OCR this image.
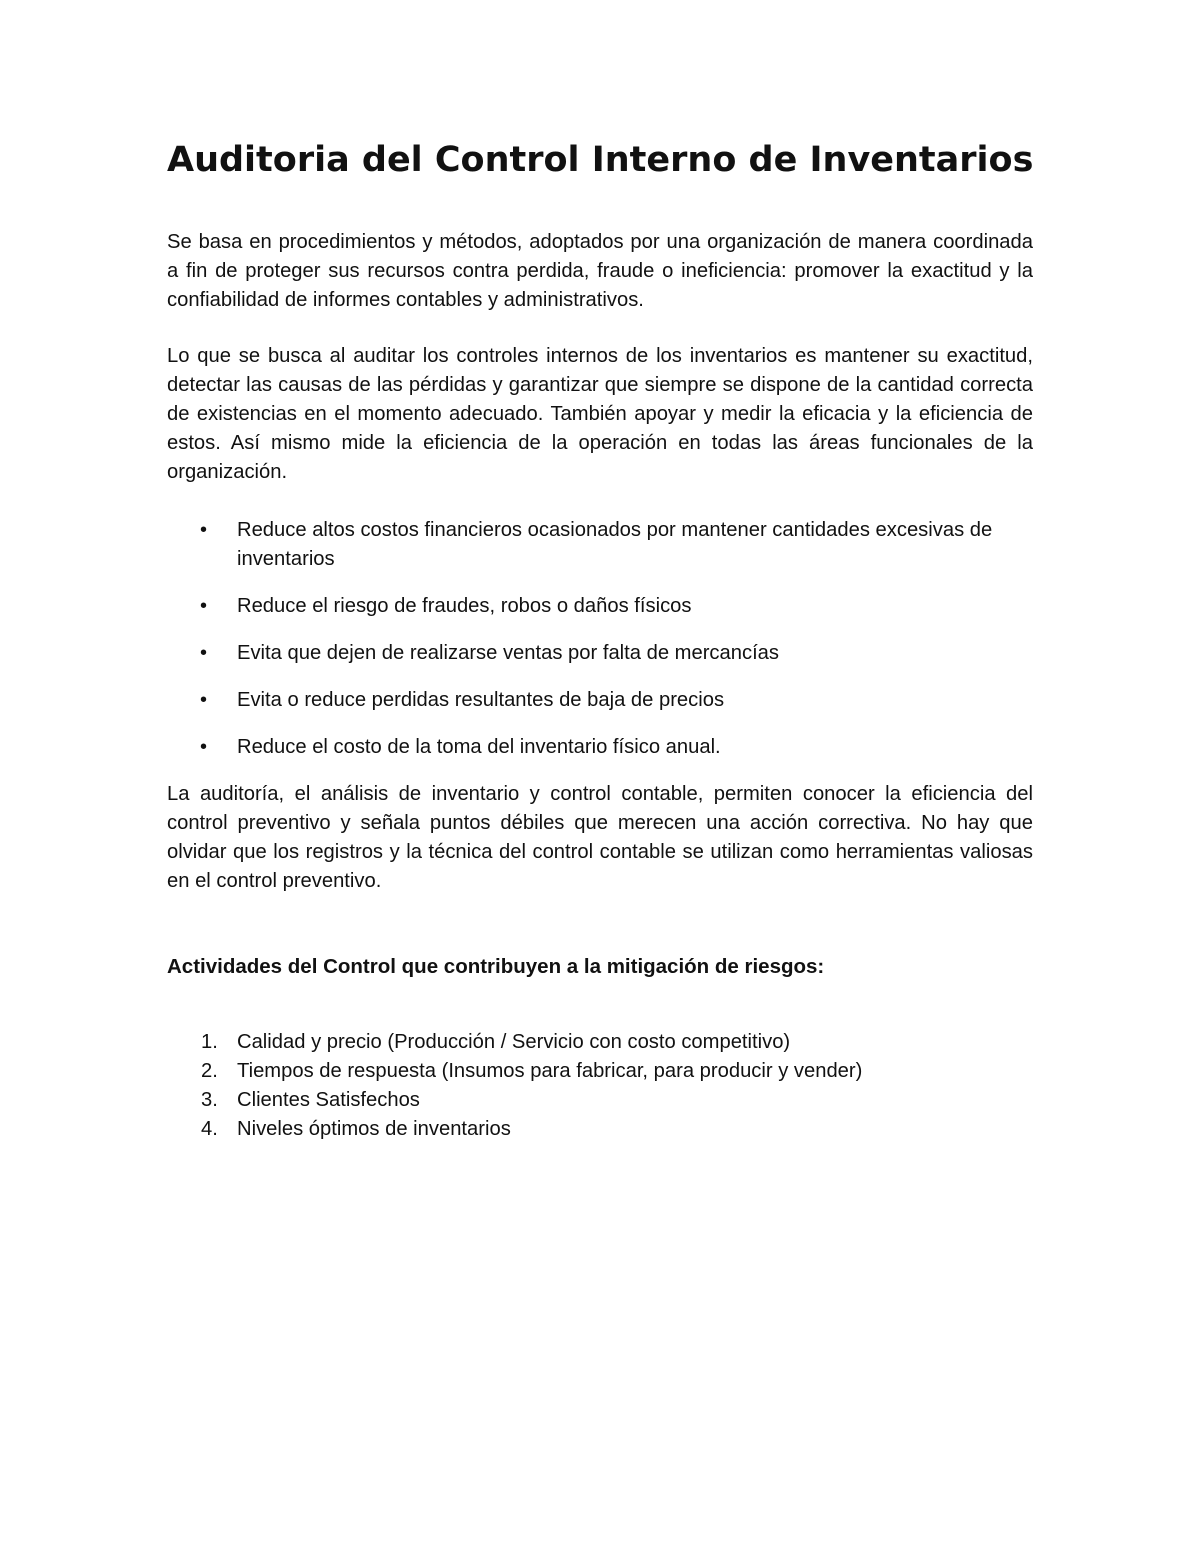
Auditoria del Control Interno de Inventarios

Se basa en procedimientos y métodos, adoptados por una organización de manera coordinada a fin de proteger sus recursos contra perdida, fraude o ineficiencia: promover la exactitud y la confiabilidad de informes contables y administrativos.

Lo que se busca al auditar los controles internos de los inventarios es mantener su exactitud, detectar las causas de las pérdidas y garantizar que siempre se dispone de la cantidad correcta de existencias en el momento adecuado. También apoyar y medir la eficacia y la eficiencia de estos. Así mismo mide la eficiencia de la operación en todas las áreas funcionales de la organización.

• Reduce altos costos financieros ocasionados por mantener cantidades excesivas de inventarios
• Reduce el riesgo de fraudes, robos o daños físicos
• Evita que dejen de realizarse ventas por falta de mercancías
• Evita o reduce perdidas resultantes de baja de precios
• Reduce el costo de la toma del inventario físico anual.

La auditoría, el análisis de inventario y control contable, permiten conocer la eficiencia del control preventivo y señala puntos débiles que merecen una acción correctiva. No hay que olvidar que los registros y la técnica del control contable se utilizan como herramientas valiosas en el control preventivo.

Actividades del Control que contribuyen a la mitigación de riesgos:
1. Calidad y precio (Producción / Servicio con costo competitivo)
2. Tiempos de respuesta (Insumos para fabricar, para producir y vender)
3. Clientes Satisfechos
4. Niveles óptimos de inventarios
